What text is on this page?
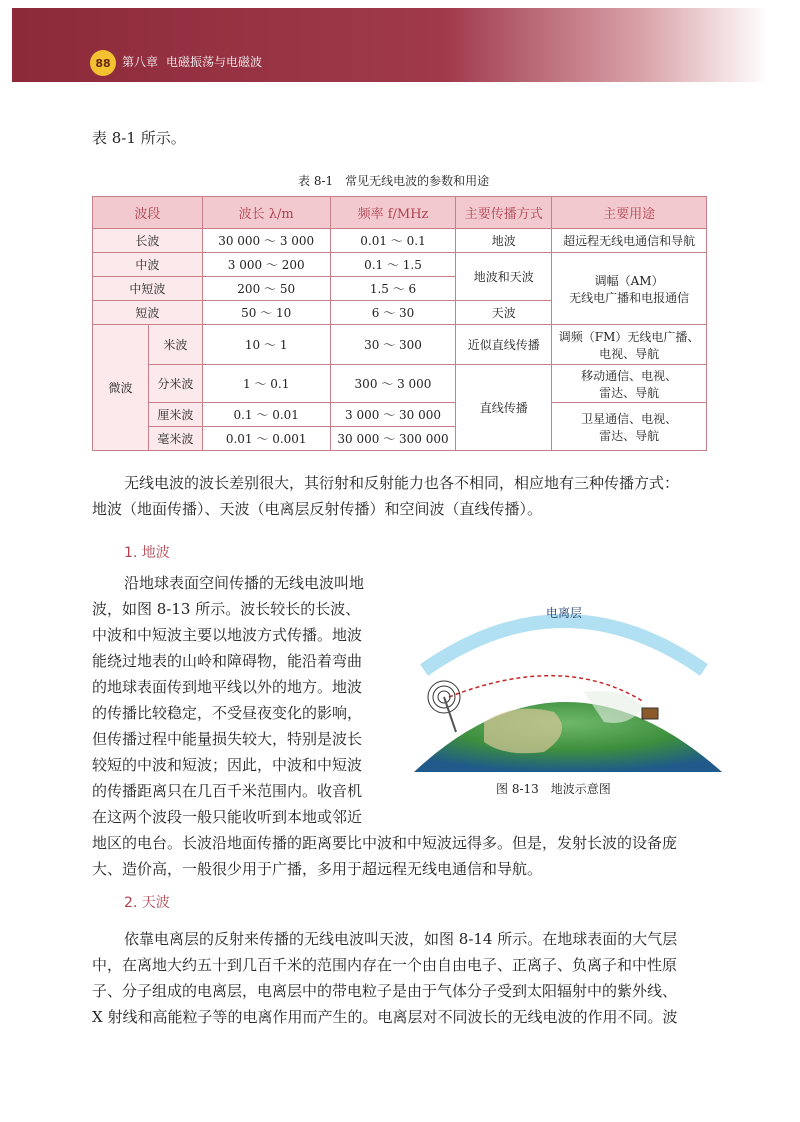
88 第八章 电磁振荡与电磁波
表 8-1 所示。
表 8-1　常见无线电波的参数和用途
波段		波长 λ/m	频率 f/MHz	主要传播方式	主要用途
长波		30 000 ～ 3 000	0.01 ～ 0.1	地波	超远程无线电通信和导航
中波		3 000 ～ 200	0.1 ～ 1.5	地波和天波	调幅（AM）
无线电广播和电报通信

中短波		200 ～ 50	1.5 ～ 6		
短波		50 ～ 10	6 ～ 30	天波	
微波	米波	10 ～ 1	30 ～ 300	近似直线传播	调频（FM）无线电广播、
电视、导航

	分米波	1 ～ 0.1	300 ～ 3 000	直线传播	移动通信、电视、
雷达、导航

	厘米波	0.1 ～ 0.01	3 000 ～ 30 000		卫星通信、电视、
雷达、导航

	毫米波	0.01 ～ 0.001	30 000 ～ 300 000		
无线电波的波长差别很大，其衍射和反射能力也各不相同，相应地有三种传播方式：
地波（地面传播）、天波（电离层反射传播）和空间波（直线传播）。
1. 地波
沿地球表面空间传播的无线电波叫地
波，如图 8-13 所示。波长较长的长波、
中波和中短波主要以地波方式传播。地波
能绕过地表的山岭和障碍物，能沿着弯曲
的地球表面传到地平线以外的地方。地波
的传播比较稳定，不受昼夜变化的影响，
但传播过程中能量损失较大，特别是波长
较短的中波和短波；因此，中波和中短波
的传播距离只在几百千米范围内。收音机
在这两个波段一般只能收听到本地或邻近
地区的电台。长波沿地面传播的距离要比中波和中短波远得多。但是，发射长波的设备庞
大、造价高，一般很少用于广播，多用于超远程无线电通信和导航。
电离层
图 8-13　地波示意图
2. 天波
依靠电离层的反射来传播的无线电波叫天波，如图 8-14 所示。在地球表面的大气层
中，在离地大约五十到几百千米的范围内存在一个由自由电子、正离子、负离子和中性原
子、分子组成的电离层，电离层中的带电粒子是由于气体分子受到太阳辐射中的紫外线、
X 射线和高能粒子等的电离作用而产生的。电离层对不同波长的无线电波的作用不同。波
